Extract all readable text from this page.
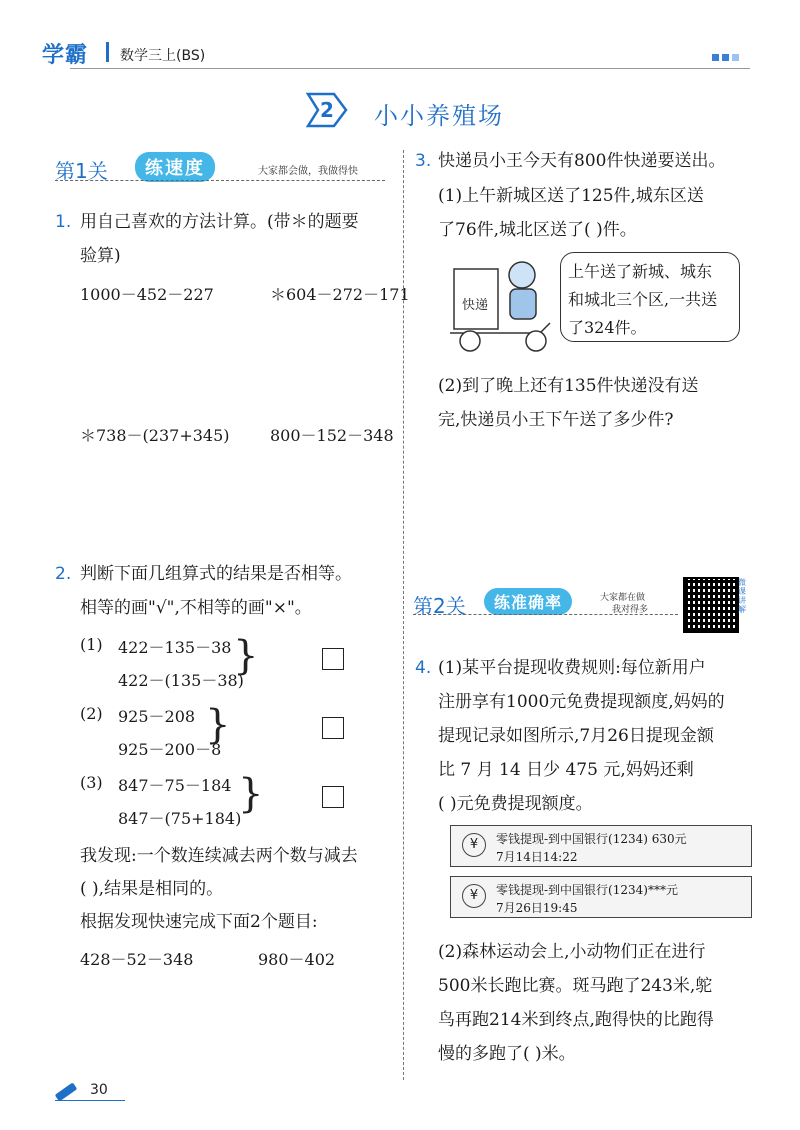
学霸 数学三上(BS)
2 小小养殖场
第1关	练速度	大家都会做，我做得快
1. 用自己喜欢的方法计算。(带＊的题要
验算)
1000－452－227	＊604－272－171
＊738－(237+345)	800－152－348
2. 判断下面几组算式的结果是否相等。
相等的画"√",不相等的画"×"。
(1) 422－135－38
422－(135－38)
}
(2) 925－208
925－200－8
}
(3) 847－75－184
847－(75+184)
}
我发现:一个数连续减去两个数与减去
( ),结果是相同的。
根据发现快速完成下面2个题目:
428－52－348	980－402
3. 快递员小王今天有800件快递要送出。
(1)上午新城区送了125件,城东区送
了76件,城北区送了( )件。
快递
上午送了新城、城东
和城北三个区,一共送
了324件。
(2)到了晚上还有135件快递没有送
完,快递员小王下午送了多少件?
第2关	练准确率	大家都在做
我对得多
微课讲解
4. (1)某平台提现收费规则:每位新用户
注册享有1000元免费提现额度,妈妈的
提现记录如图所示,7月26日提现金额
比 7 月 14 日少 475 元,妈妈还剩
( )元免费提现额度。
¥	零钱提现-到中国银行(1234) 630元
7月14日14:22
¥	零钱提现-到中国银行(1234)***元
7月26日19:45
(2)森林运动会上,小动物们正在进行
500米长跑比赛。斑马跑了243米,鸵
鸟再跑214米到终点,跑得快的比跑得
慢的多跑了( )米。
30
